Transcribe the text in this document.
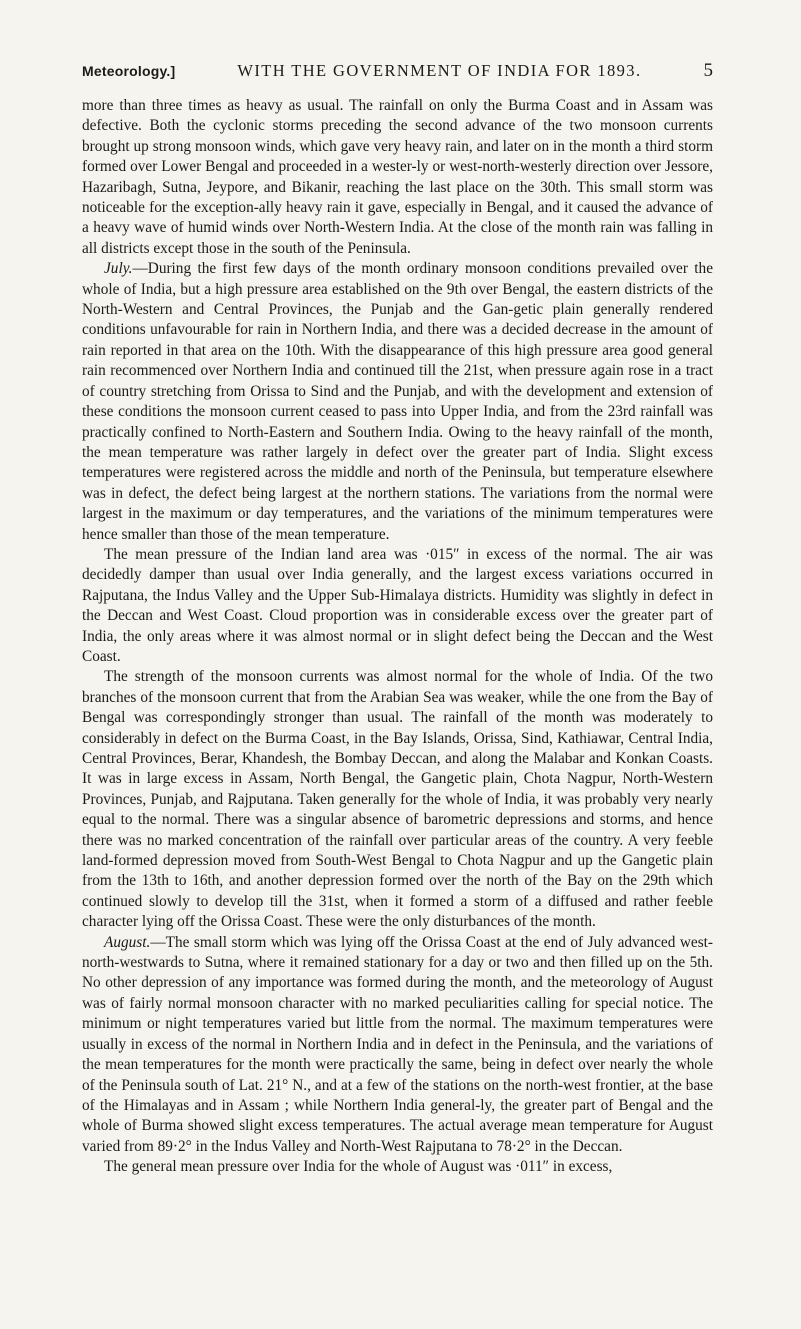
Meteorology.]	WITH THE GOVERNMENT OF INDIA FOR 1893.	5

more than three times as heavy as usual. The rainfall on only the Burma Coast and in Assam was defective. Both the cyclonic storms preceding the second advance of the two monsoon currents brought up strong monsoon winds, which gave very heavy rain, and later on in the month a third storm formed over Lower Bengal and proceeded in a wester-ly or west-north-westerly direction over Jessore, Hazaribagh, Sutna, Jeypore, and Bikanir, reaching the last place on the 30th. This small storm was noticeable for the exception-ally heavy rain it gave, especially in Bengal, and it caused the advance of a heavy wave of humid winds over North-Western India. At the close of the month rain was falling in all districts except those in the south of the Peninsula.

July.—During the first few days of the month ordinary monsoon conditions prevailed over the whole of India, but a high pressure area established on the 9th over Bengal, the eastern districts of the North-Western and Central Provinces, the Punjab and the Gan-getic plain generally rendered conditions unfavourable for rain in Northern India, and there was a decided decrease in the amount of rain reported in that area on the 10th. With the disappearance of this high pressure area good general rain recommenced over Northern India and continued till the 21st, when pressure again rose in a tract of country stretching from Orissa to Sind and the Punjab, and with the development and extension of these conditions the monsoon current ceased to pass into Upper India, and from the 23rd rainfall was practically confined to North-Eastern and Southern India. Owing to the heavy rainfall of the month, the mean temperature was rather largely in defect over the greater part of India. Slight excess temperatures were registered across the middle and north of the Peninsula, but temperature elsewhere was in defect, the defect being largest at the northern stations. The variations from the normal were largest in the maximum or day temperatures, and the variations of the minimum temperatures were hence smaller than those of the mean temperature.

The mean pressure of the Indian land area was ·015″ in excess of the normal. The air was decidedly damper than usual over India generally, and the largest excess variations occurred in Rajputana, the Indus Valley and the Upper Sub-Himalaya districts. Humidity was slightly in defect in the Deccan and West Coast. Cloud proportion was in considerable excess over the greater part of India, the only areas where it was almost normal or in slight defect being the Deccan and the West Coast.

The strength of the monsoon currents was almost normal for the whole of India. Of the two branches of the monsoon current that from the Arabian Sea was weaker, while the one from the Bay of Bengal was correspondingly stronger than usual. The rainfall of the month was moderately to considerably in defect on the Burma Coast, in the Bay Islands, Orissa, Sind, Kathiawar, Central India, Central Provinces, Berar, Khandesh, the Bombay Deccan, and along the Malabar and Konkan Coasts. It was in large excess in Assam, North Bengal, the Gangetic plain, Chota Nagpur, North-Western Provinces, Punjab, and Rajputana. Taken generally for the whole of India, it was probably very nearly equal to the normal. There was a singular absence of barometric depressions and storms, and hence there was no marked concentration of the rainfall over particular areas of the country. A very feeble land-formed depression moved from South-West Bengal to Chota Nagpur and up the Gangetic plain from the 13th to 16th, and another depression formed over the north of the Bay on the 29th which continued slowly to develop till the 31st, when it formed a storm of a diffused and rather feeble character lying off the Orissa Coast. These were the only disturbances of the month.

August.—The small storm which was lying off the Orissa Coast at the end of July advanced west-north-westwards to Sutna, where it remained stationary for a day or two and then filled up on the 5th. No other depression of any importance was formed during the month, and the meteorology of August was of fairly normal monsoon character with no marked peculiarities calling for special notice. The minimum or night temperatures varied but little from the normal. The maximum temperatures were usually in excess of the normal in Northern India and in defect in the Peninsula, and the variations of the mean temperatures for the month were practically the same, being in defect over nearly the whole of the Peninsula south of Lat. 21° N., and at a few of the stations on the north-west frontier, at the base of the Himalayas and in Assam ; while Northern India general-ly, the greater part of Bengal and the whole of Burma showed slight excess temperatures. The actual average mean temperature for August varied from 89·2° in the Indus Valley and North-West Rajputana to 78·2° in the Deccan.

The general mean pressure over India for the whole of August was ·011″ in excess,
